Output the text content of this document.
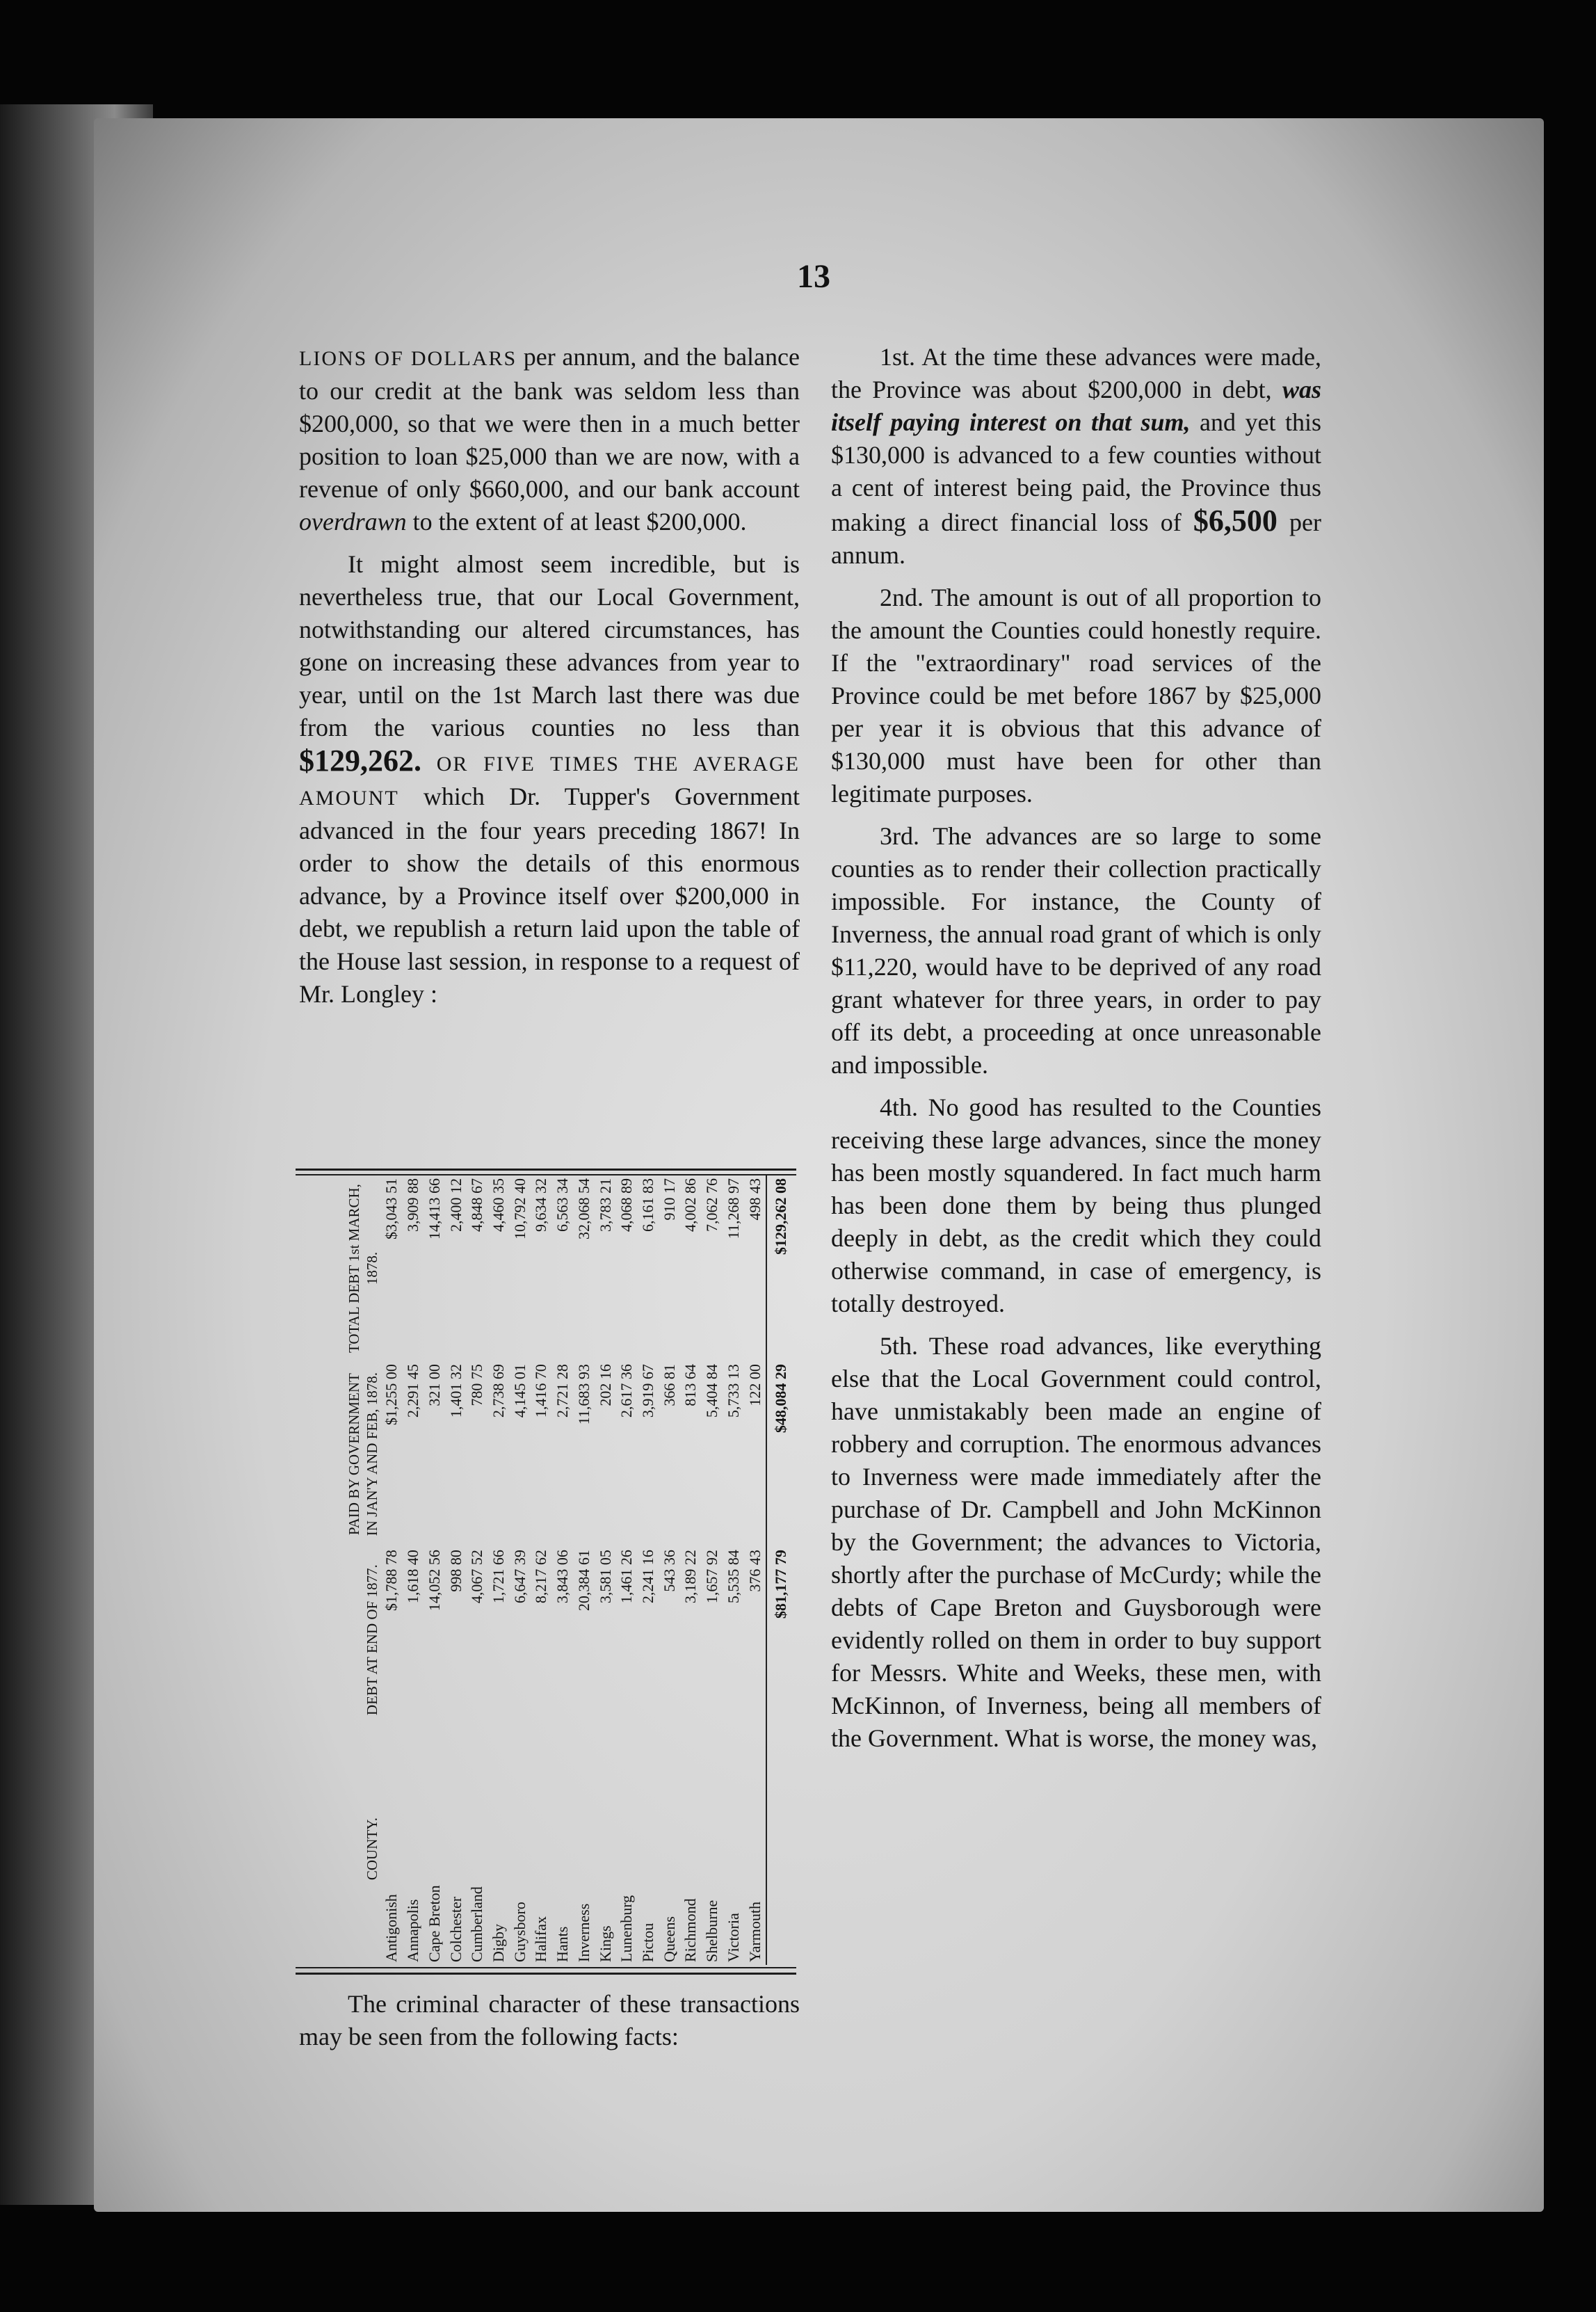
13

LIONS OF DOLLARS per annum, and the balance to our credit at the bank was seldom less than $200,000, so that we were then in a much better position to loan $25,000 than we are now, with a revenue of only $660,000, and our bank account overdrawn to the extent of at least $200,000.

It might almost seem incredible, but is nevertheless true, that our Local Government, notwithstanding our altered circumstances, has gone on increasing these advances from year to year, until on the 1st March last there was due from the various counties no less than $129,262. OR FIVE TIMES THE AVERAGE AMOUNT which Dr. Tupper's Government advanced in the four years preceding 1867! In order to show the details of this enormous advance, by a Province itself over $200,000 in debt, we republish a return laid upon the table of the House last session, in response to a request of Mr. Longley :

COUNTY.	DEBT AT END OF 1877.	PAID BY GOVERNMENT IN JAN'Y AND FEB, 1878.	TOTAL DEBT 1st MARCH, 1878.
Antigonish	$1,788 78	$1,255 00	$3,043 51
Annapolis	1,618 40	2,291 45	3,909 88
Cape Breton	14,052 56	321 00	14,413 66
Colchester	998 80	1,401 32	2,400 12
Cumberland	4,067 52	780 75	4,848 67
Digby	1,721 66	2,738 69	4,460 35
Guysboro	6,647 39	4,145 01	10,792 40
Halifax	8,217 62	1,416 70	9,634 32
Hants	3,843 06	2,721 28	6,563 34
Inverness	20,384 61	11,683 93	32,068 54
Kings	3,581 05	202 16	3,783 21
Lunenburg	1,461 26	2,617 36	4,068 89
Pictou	2,241 16	3,919 67	6,161 83
Queens	543 36	366 81	910 17
Richmond	3,189 22	813 64	4,002 86
Shelburne	1,657 92	5,404 84	7,062 76
Victoria	5,535 84	5,733 13	11,268 97
Yarmouth	376 43	122 00	498 43
	$81,177 79	$48,084 29	$129,262 08

The criminal character of these transactions may be seen from the following facts:

1st. At the time these advances were made, the Province was about $200,000 in debt, was itself paying interest on that sum, and yet this $130,000 is advanced to a few counties without a cent of interest being paid, the Province thus making a direct financial loss of $6,500 per annum.

2nd. The amount is out of all proportion to the amount the Counties could honestly require. If the "extraordinary" road services of the Province could be met before 1867 by $25,000 per year it is obvious that this advance of $130,000 must have been for other than legitimate purposes.

3rd. The advances are so large to some counties as to render their collection practically impossible. For instance, the County of Inverness, the annual road grant of which is only $11,220, would have to be deprived of any road grant whatever for three years, in order to pay off its debt, a proceeding at once unreasonable and impossible.

4th. No good has resulted to the Counties receiving these large advances, since the money has been mostly squandered. In fact much harm has been done them by being thus plunged deeply in debt, as the credit which they could otherwise command, in case of emergency, is totally destroyed.

5th. These road advances, like everything else that the Local Government could control, have unmistakably been made an engine of robbery and corruption. The enormous advances to Inverness were made immediately after the purchase of Dr. Campbell and John McKinnon by the Government; the advances to Victoria, shortly after the purchase of McCurdy; while the debts of Cape Breton and Guysborough were evidently rolled on them in order to buy support for Messrs. White and Weeks, these men, with McKinnon, of Inverness, being all members of the Government. What is worse, the money was,
